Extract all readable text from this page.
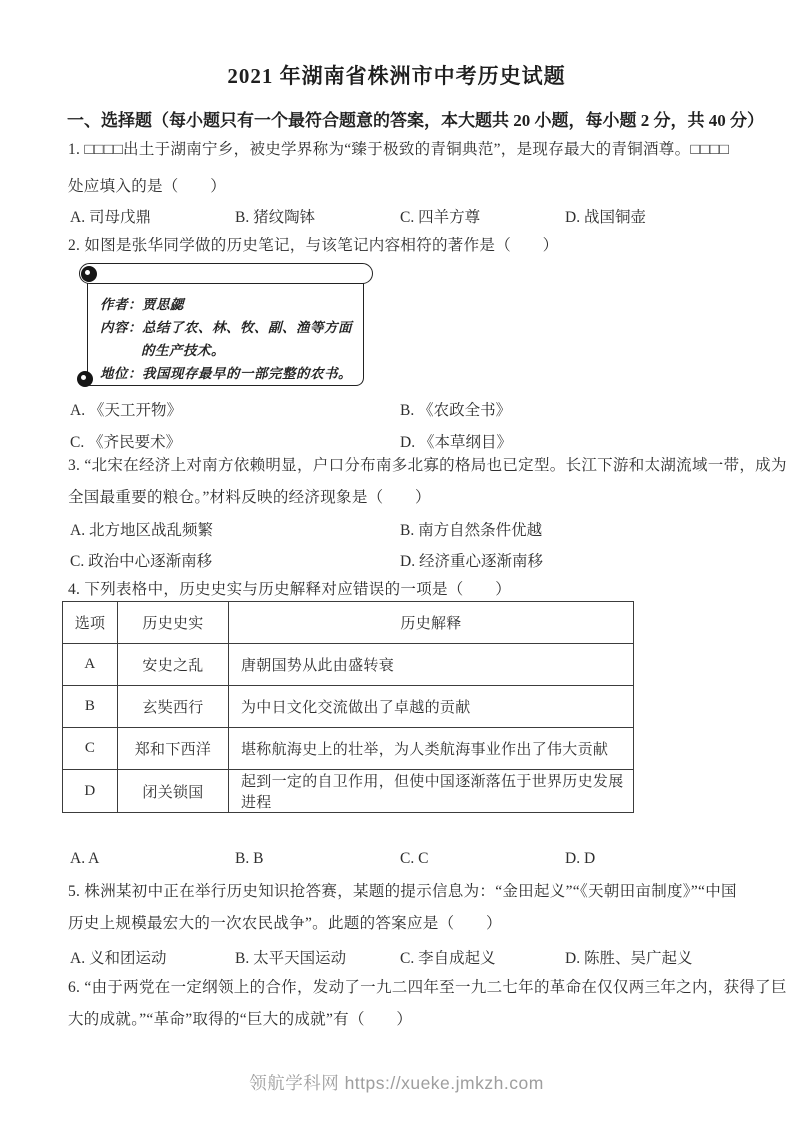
2021 年湖南省株洲市中考历史试题
一、选择题（每小题只有一个最符合题意的答案，本大题共 20 小题，每小题 2 分，共 40 分）
1. □□□□出土于湖南宁乡，被史学界称为“臻于极致的青铜典范”，是现存最大的青铜酒尊。□□□□
处应填入的是（　　）
A. 司母戊鼎	B. 猪纹陶钵	C. 四羊方尊	D. 战国铜壶
2. 如图是张华同学做的历史笔记，与该笔记内容相符的著作是（　　）
作者：贾思勰
内容：总结了农、林、牧、副、渔等方面
的生产技术。
地位：我国现存最早的一部完整的农书。
A. 《天工开物》	B. 《农政全书》
C. 《齐民要术》	D. 《本草纲目》
3. “北宋在经济上对南方依赖明显，户口分布南多北寡的格局也已定型。长江下游和太湖流域一带，成为
全国最重要的粮仓。”材料反映的经济现象是（　　）
A. 北方地区战乱频繁	B. 南方自然条件优越
C. 政治中心逐渐南移	D. 经济重心逐渐南移
4. 下列表格中，历史史实与历史解释对应错误的一项是（　　）
选项	历史史实	历史解释
A	安史之乱	唐朝国势从此由盛转衰
B	玄奘西行	为中日文化交流做出了卓越的贡献
C	郑和下西洋	堪称航海史上的壮举，为人类航海事业作出了伟大贡献
D	闭关锁国	起到一定的自卫作用，但使中国逐渐落伍于世界历史发展进程
A. A	B. B	C. C	D. D
5. 株洲某初中正在举行历史知识抢答赛，某题的提示信息为：“金田起义”“《天朝田亩制度》”“中国
历史上规模最宏大的一次农民战争”。此题的答案应是（　　）
A. 义和团运动	B. 太平天国运动	C. 李自成起义	D. 陈胜、吴广起义
6. “由于两党在一定纲领上的合作，发动了一九二四年至一九二七年的革命在仅仅两三年之内，获得了巨
大的成就。”“革命”取得的“巨大的成就”有（　　）
领航学科网 https://xueke.jmkzh.com
